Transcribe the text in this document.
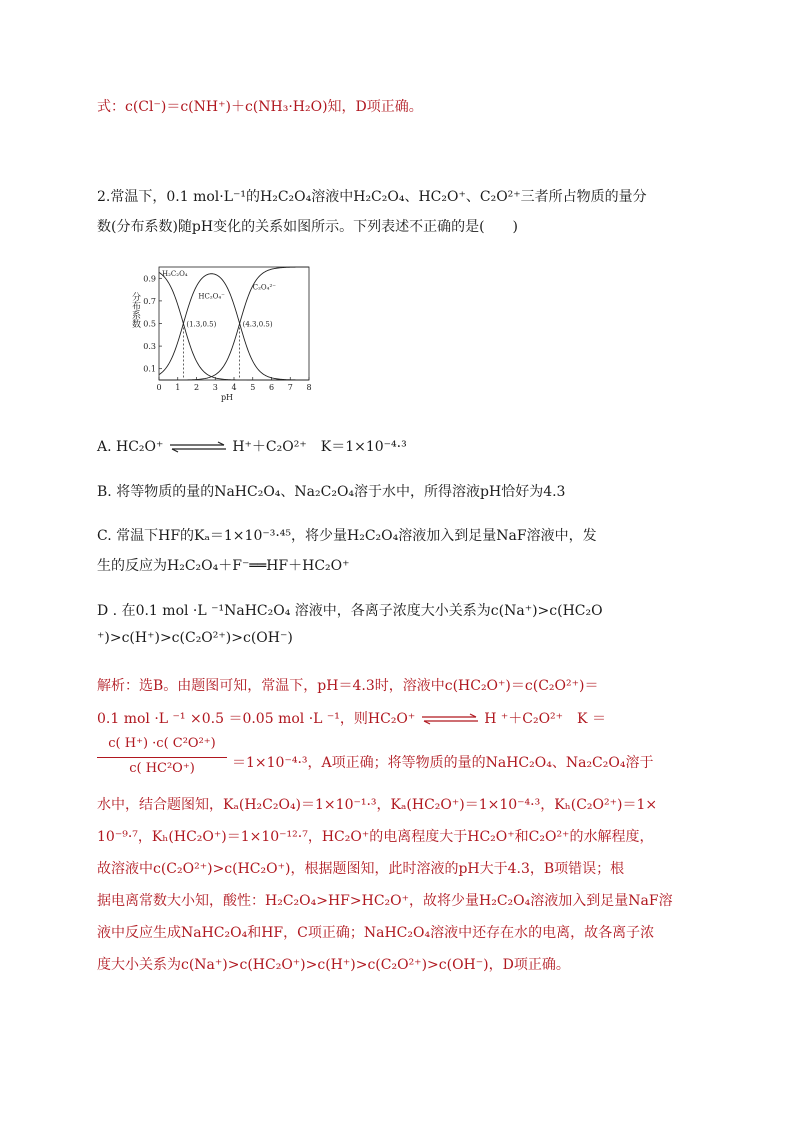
式：c(Cl⁻)＝c(NH⁺)＋c(NH₃·H₂O)知，D项正确。
2.常温下，0.1 mol·L⁻¹的H₂C₂O₄溶液中H₂C₂O₄、HC₂O⁺、C₂O²⁺三者所占物质的量分
数(分布系数)随pH变化的关系如图所示。下列表述不正确的是(　　)
分布系数
0 1 2 3 4 5 6 7 8
0.1
0.3
0.5
0.7
0.9
H₂C₂O₄
HC₂O₄⁻
C₂O₄²⁻
(1.3,0.5)	(4.3,0.5)
pH
A. HC₂O⁺	H⁺＋C₂O²⁺　K＝1×10⁻⁴·³
B. 将等物质的量的NaHC₂O₄、Na₂C₂O₄溶于水中，所得溶液pH恰好为4.3
C. 常温下HF的Kₐ＝1×10⁻³·⁴⁵，将少量H₂C₂O₄溶液加入到足量NaF溶液中，发
生的反应为H₂C₂O₄＋F⁻══HF＋HC₂O⁺
D . 在0.1 mol ·L ⁻¹NaHC₂O₄ 溶液中，各离子浓度大小关系为c(Na⁺)>c(HC₂O
⁺)>c(H⁺)>c(C₂O²⁺)>c(OH⁻)
解析：选B。由题图可知，常温下，pH＝4.3时，溶液中c(HC₂O⁺)＝c(C₂O²⁺)＝
0.1 mol ·L ⁻¹ ×0.5 ＝0.05 mol ·L ⁻¹，则HC₂O⁺	H ⁺＋C₂O²⁺　K ＝
c( H⁺) ·c( C²O²⁺)
c( HC²O⁺)	＝1×10⁻⁴·³，A项正确；将等物质的量的NaHC₂O₄、Na₂C₂O₄溶于
水中，结合题图知，Kₐ(H₂C₂O₄)＝1×10⁻¹·³，Kₐ(HC₂O⁺)＝1×10⁻⁴·³，Kₕ(C₂O²⁺)＝1×
10⁻⁹·⁷，Kₕ(HC₂O⁺)＝1×10⁻¹²·⁷，HC₂O⁺的电离程度大于HC₂O⁺和C₂O²⁺的水解程度，
故溶液中c(C₂O²⁺)>c(HC₂O⁺)，根据题图知，此时溶液的pH大于4.3，B项错误；根
据电离常数大小知，酸性：H₂C₂O₄>HF>HC₂O⁺，故将少量H₂C₂O₄溶液加入到足量NaF溶
液中反应生成NaHC₂O₄和HF，C项正确；NaHC₂O₄溶液中还存在水的电离，故各离子浓
度大小关系为c(Na⁺)>c(HC₂O⁺)>c(H⁺)>c(C₂O²⁺)>c(OH⁻)，D项正确。
